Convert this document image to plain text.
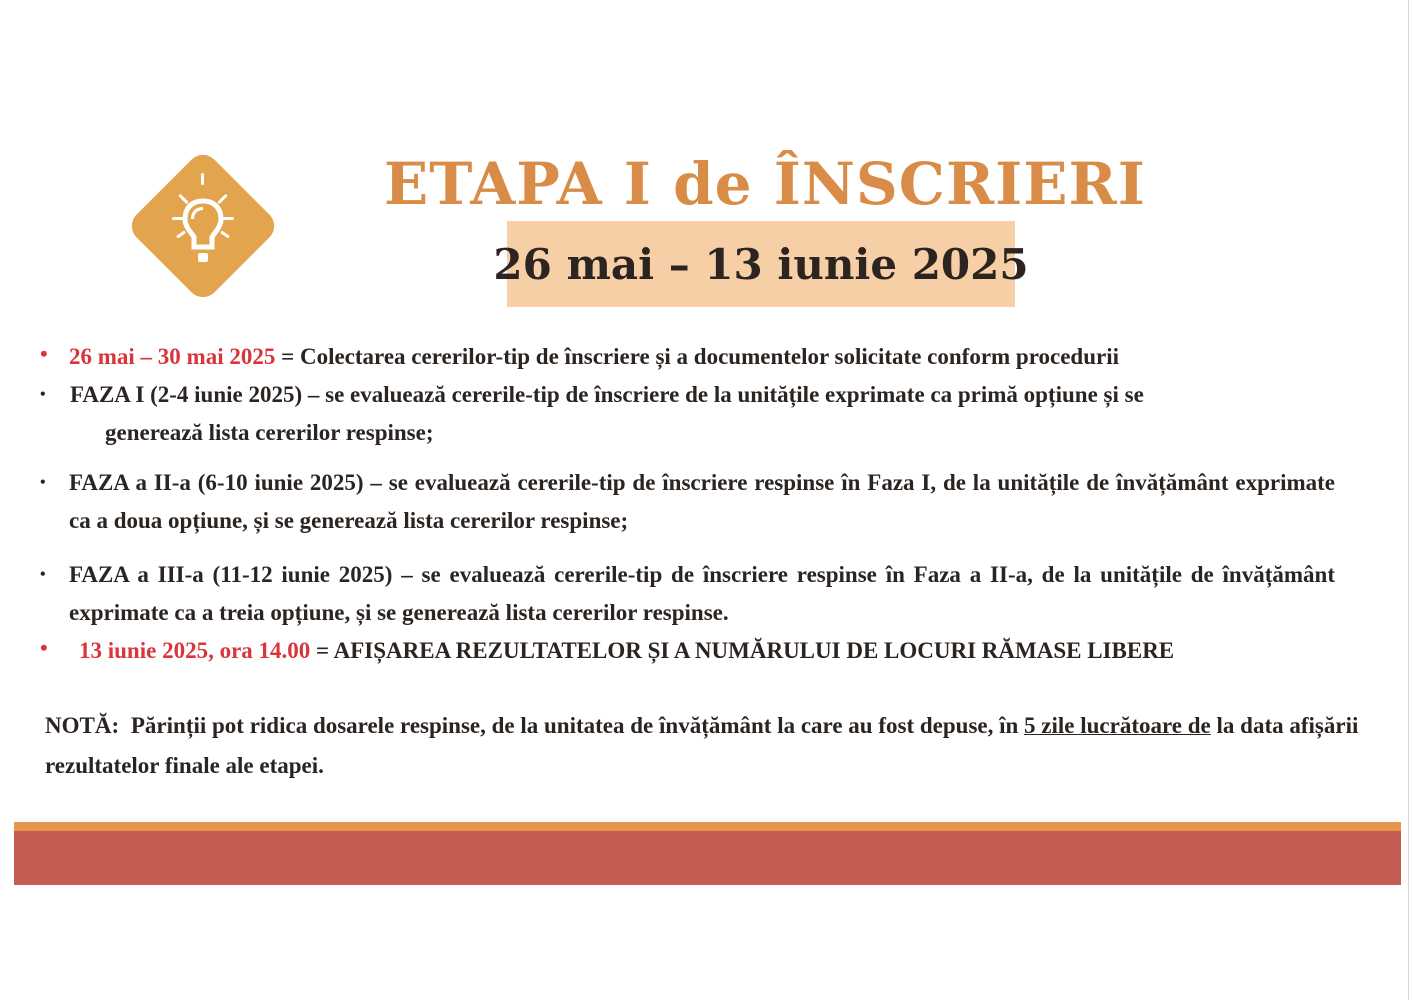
ETAPA I de ÎNSCRIERI
26 mai – 13 iunie 2025
• 26 mai – 30 mai 2025 = Colectarea cererilor-tip de înscriere și a documentelor solicitate conform procedurii
• FAZA I (2-4 iunie 2025) – se evaluează cererile-tip de înscriere de la unitățile exprimate ca primă opțiune și se
generează lista cererilor respinse;
• FAZA a II-a (6-10 iunie 2025) – se evaluează cererile-tip de înscriere respinse în Faza I, de la unitățile de învățământ exprimate ca a doua opțiune, și se generează lista cererilor respinse;
• FAZA a III-a (11-12 iunie 2025) – se evaluează cererile-tip de înscriere respinse în Faza a II-a, de la unitățile de învățământ exprimate ca a treia opțiune, și se generează lista cererilor respinse.
• 13 iunie 2025, ora 14.00 = AFIȘAREA REZULTATELOR ȘI A NUMĂRULUI DE LOCURI RĂMASE LIBERE
NOTĂ: Părinții pot ridica dosarele respinse, de la unitatea de învățământ la care au fost depuse, în 5 zile lucrătoare de la data afișării rezultatelor finale ale etapei.
